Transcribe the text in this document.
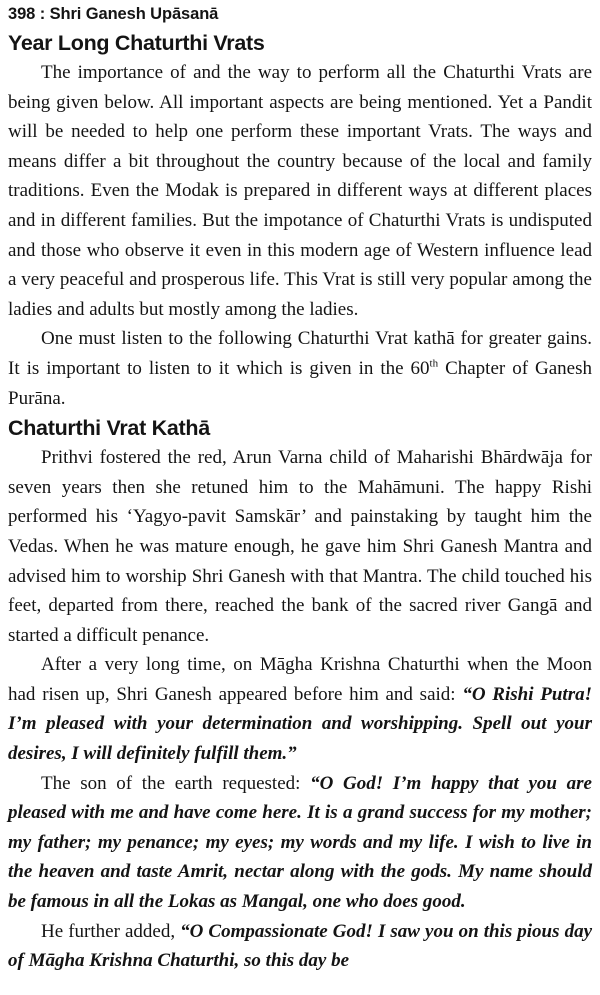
398 : Shri Ganesh Upāsanā
Year Long Chaturthi Vrats

The importance of and the way to perform all the Chaturthi Vrats are being given below. All important aspects are being mentioned. Yet a Pandit will be needed to help one perform these important Vrats. The ways and means differ a bit throughout the country because of the local and family traditions. Even the Modak is prepared in different ways at different places and in different families. But the impotance of Chaturthi Vrats is undisputed and those who observe it even in this modern age of Western influence lead a very peaceful and prosperous life. This Vrat is still very popular among the ladies and adults but mostly among the ladies.

One must listen to the following Chaturthi Vrat kathā for greater gains. It is important to listen to it which is given in the 60th Chapter of Ganesh Purāna.

Chaturthi Vrat Kathā

Prithvi fostered the red, Arun Varna child of Maharishi Bhārdwāja for seven years then she retuned him to the Mahāmuni. The happy Rishi performed his ‘Yagyo-pavit Samskār’ and painstaking by taught him the Vedas. When he was mature enough, he gave him Shri Ganesh Mantra and advised him to worship Shri Ganesh with that Mantra. The child touched his feet, departed from there, reached the bank of the sacred river Gangā and started a difficult penance.

After a very long time, on Māgha Krishna Chaturthi when the Moon had risen up, Shri Ganesh appeared before him and said: “O Rishi Putra! I’m pleased with your determination and worshipping. Spell out your desires, I will definitely fulfill them.”

The son of the earth requested: “O God! I’m happy that you are pleased with me and have come here. It is a grand success for my mother; my father; my penance; my eyes; my words and my life. I wish to live in the heaven and taste Amrit, nectar along with the gods. My name should be famous in all the Lokas as Mangal, one who does good.

He further added, “O Compassionate God! I saw you on this pious day of Māgha Krishna Chaturthi, so this day be
